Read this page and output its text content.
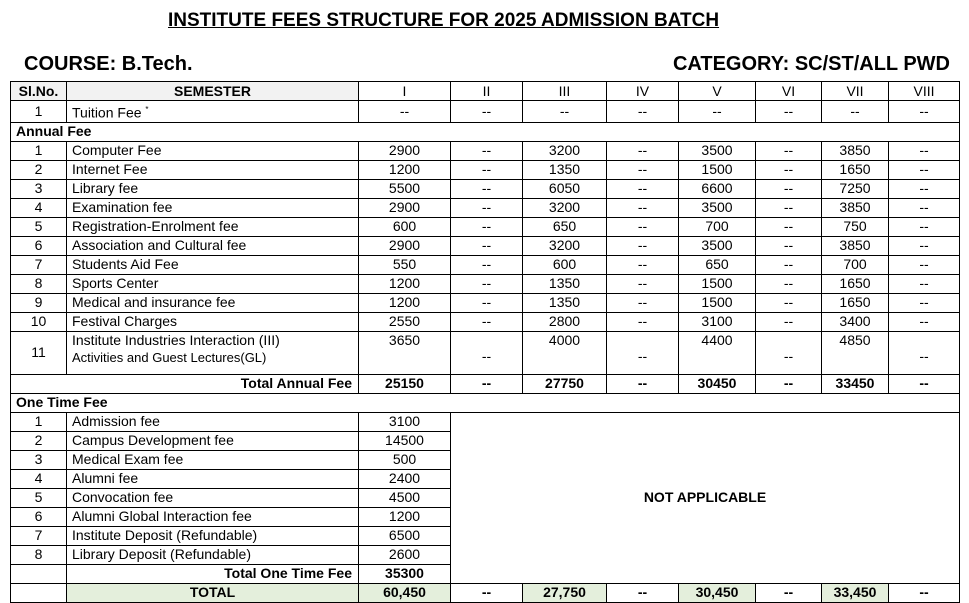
INSTITUTE FEES STRUCTURE FOR 2025 ADMISSION BATCH
COURSE: B.Tech.	CATEGORY: SC/ST/ALL PWD
Sl.No.	SEMESTER	I	II	III	IV	V	VI	VII	VIII
1	Tuition Fee *	--	--	--	--	--	--	--	--
Annual Fee									
1	Computer Fee	2900	--	3200	--	3500	--	3850	--
2	Internet Fee	1200	--	1350	--	1500	--	1650	--
3	Library fee	5500	--	6050	--	6600	--	7250	--
4	Examination fee	2900	--	3200	--	3500	--	3850	--
5	Registration-Enrolment fee	600	--	650	--	700	--	750	--
6	Association and Cultural fee	2900	--	3200	--	3500	--	3850	--
7	Students Aid Fee	550	--	600	--	650	--	700	--
8	Sports Center	1200	--	1350	--	1500	--	1650	--
9	Medical and insurance fee	1200	--	1350	--	1500	--	1650	--
10	Festival Charges	2550	--	2800	--	3100	--	3400	--
11	Institute Industries Interaction (III)
Activities and Guest Lectures(GL)	3650	--	4000	--	4400	--	4850	--
Total Annual Fee		25150	--	27750	--	30450	--	33450	--
One Time Fee									
1	Admission fee	3100	NOT APPLICABLE						
2	Campus Development fee	14500							
3	Medical Exam fee	500							
4	Alumni fee	2400							
5	Convocation fee	4500							
6	Alumni Global Interaction fee	1200							
7	Institute Deposit (Refundable)	6500							
8	Library Deposit (Refundable)	2600							
	Total One Time Fee	35300							
	TOTAL	60,450	--	27,750	--	30,450	--	33,450	--
